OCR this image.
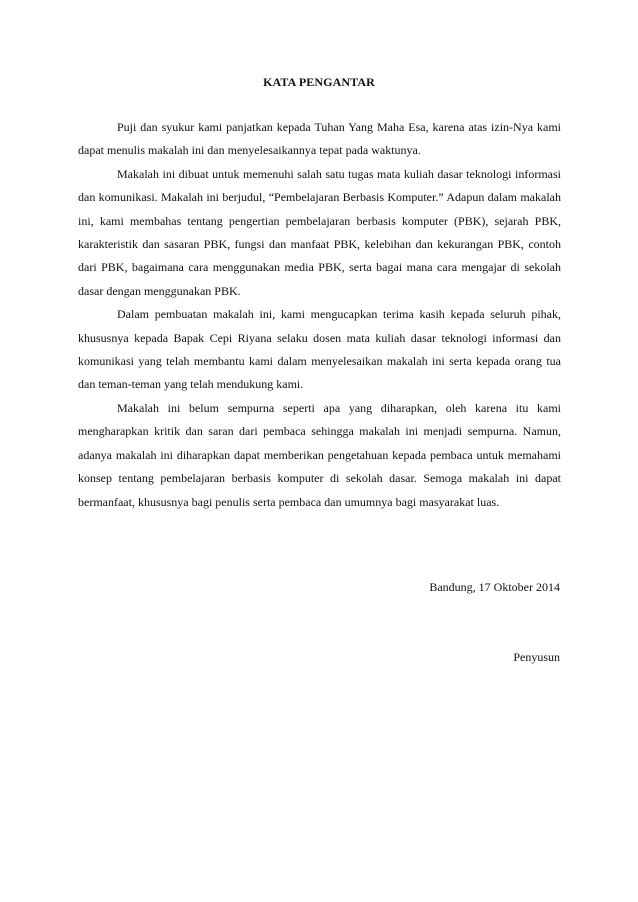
KATA PENGANTAR

Puji dan syukur kami panjatkan kepada Tuhan Yang Maha Esa, karena atas izin-Nya kami dapat menulis makalah ini dan menyelesaikannya tepat pada waktunya.

Makalah ini dibuat untuk memenuhi salah satu tugas mata kuliah dasar teknologi informasi dan komunikasi. Makalah ini berjudul, “Pembelajaran Berbasis Komputer.” Adapun dalam makalah ini, kami membahas tentang pengertian pembelajaran berbasis komputer (PBK), sejarah PBK, karakteristik dan sasaran PBK, fungsi dan manfaat PBK, kelebihan dan kekurangan PBK, contoh dari PBK, bagaimana cara menggunakan media PBK, serta bagai mana cara mengajar di sekolah dasar dengan menggunakan PBK.

Dalam pembuatan makalah ini, kami mengucapkan terima kasih kepada seluruh pihak, khususnya kepada Bapak Cepi Riyana selaku dosen mata kuliah dasar teknologi informasi dan komunikasi yang telah membantu kami dalam menyelesaikan makalah ini serta kepada orang tua dan teman-teman yang telah mendukung kami.

Makalah ini belum sempurna seperti apa yang diharapkan, oleh karena itu kami mengharapkan kritik dan saran dari pembaca sehingga makalah ini menjadi sempurna. Namun, adanya makalah ini diharapkan dapat memberikan pengetahuan kepada pembaca untuk memahami konsep tentang pembelajaran berbasis komputer di sekolah dasar. Semoga makalah ini dapat bermanfaat, khususnya bagi penulis serta pembaca dan umumnya bagi masyarakat luas.

Bandung, 17 Oktober 2014
Penyusun
